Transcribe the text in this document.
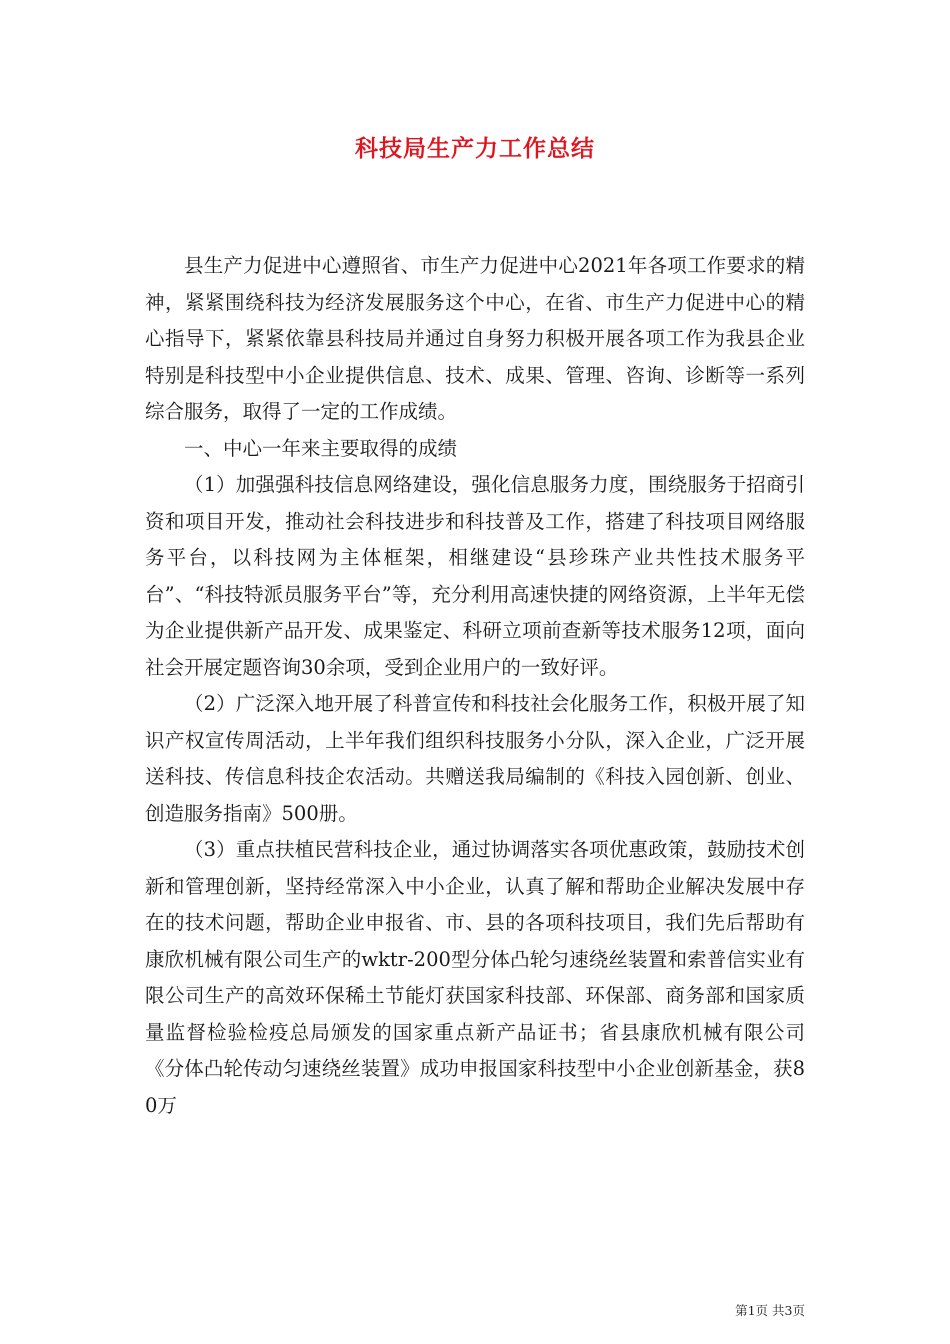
科技局生产力工作总结

县生产力促进中心遵照省、市生产力促进中心2021年各项工作要求的精神，紧紧围绕科技为经济发展服务这个中心，在省、市生产力促进中心的精心指导下，紧紧依靠县科技局并通过自身努力积极开展各项工作为我县企业特别是科技型中小企业提供信息、技术、成果、管理、咨询、诊断等一系列综合服务，取得了一定的工作成绩。

一、中心一年来主要取得的成绩

（1）加强强科技信息网络建设，强化信息服务力度，围绕服务于招商引资和项目开发，推动社会科技进步和科技普及工作，搭建了科技项目网络服务平台，以科技网为主体框架，相继建设“县珍珠产业共性技术服务平台”、“科技特派员服务平台”等，充分利用高速快捷的网络资源，上半年无偿为企业提供新产品开发、成果鉴定、科研立项前查新等技术服务12项，面向社会开展定题咨询30余项，受到企业用户的一致好评。

（2）广泛深入地开展了科普宣传和科技社会化服务工作，积极开展了知识产权宣传周活动，上半年我们组织科技服务小分队，深入企业，广泛开展送科技、传信息科技企农活动。共赠送我局编制的《科技入园创新、创业、创造服务指南》500册。

（3）重点扶植民营科技企业，通过协调落实各项优惠政策，鼓励技术创新和管理创新，坚持经常深入中小企业，认真了解和帮助企业解决发展中存在的技术问题，帮助企业申报省、市、县的各项科技项目，我们先后帮助有康欣机械有限公司生产的wktr-200型分体凸轮匀速绕丝装置和索普信实业有限公司生产的高效环保稀土节能灯获国家科技部、环保部、商务部和国家质量监督检验检疫总局颁发的国家重点新产品证书；省县康欣机械有限公司《分体凸轮传动匀速绕丝装置》成功申报国家科技型中小企业创新基金，获80万

第1页 共3页
